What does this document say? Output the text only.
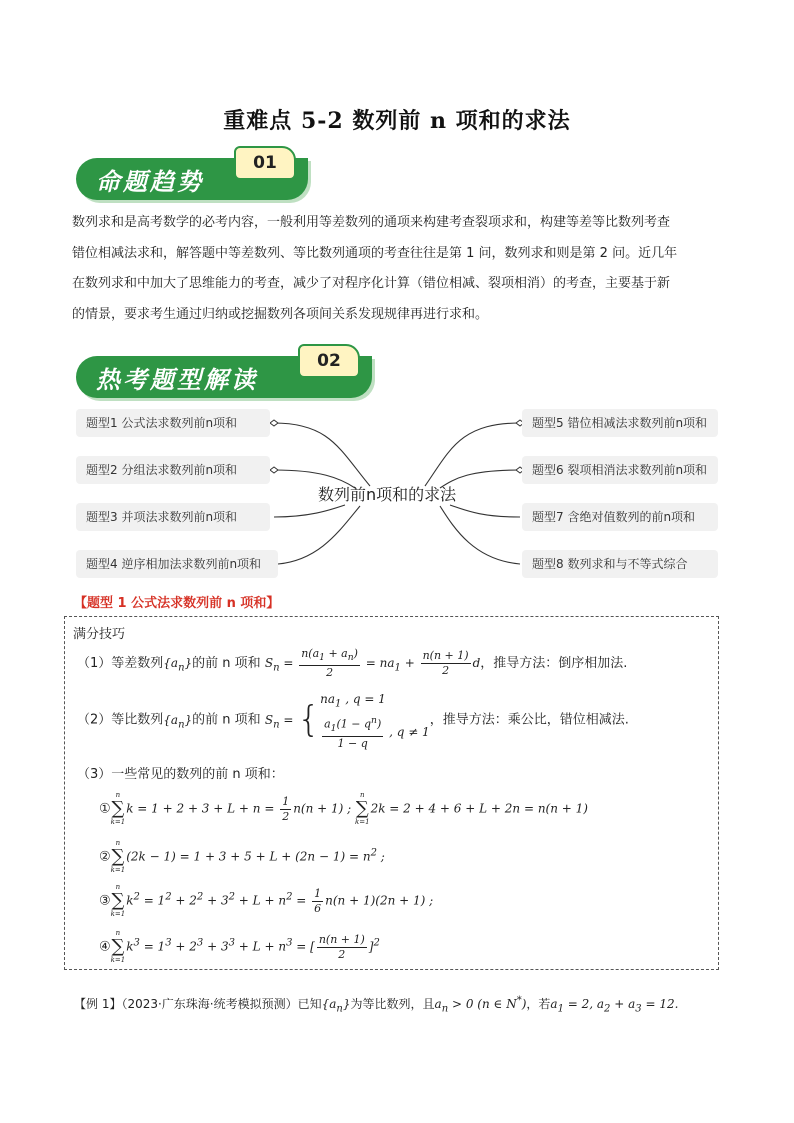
重难点 5-2 数列前 n 项和的求法
命题趋势
01
数列求和是高考数学的必考内容，一般利用等差数列的通项来构建考查裂项求和，构建等差等比数列考查
错位相减法求和，解答题中等差数列、等比数列通项的考查往往是第 1 问，数列求和则是第 2 问。近几年
在数列求和中加大了思维能力的考查，减少了对程序化计算（错位相减、裂项相消）的考查，主要基于新
的情景，要求考生通过归纳或挖掘数列各项间关系发现规律再进行求和。
热考题型解读
02
题型1 公式法求数列前n项和
题型2 分组法求数列前n项和
题型3 并项法求数列前n项和
题型4 逆序相加法求数列前n项和
数列前n项和的求法
题型5 错位相减法求数列前n项和
题型6 裂项相消法求数列前n项和
题型7 含绝对值数列的前n项和
题型8 数列求和与不等式综合
【题型 1 公式法求数列前 n 项和】
满分技巧
（1）等差数列$\{a_n\}$的前 n 项和 $S_n = \frac{n(a_1 + a_n)}{2} = na_1 + \frac{n(n + 1)}{2}$ d，推导方法：倒序相加法.
（2）等比数列$\{a_n\}$的前 n 项和 $S_n$ = {
$na_1$ , q = 1
$\frac{a_1(1 - q^n)}{1 - q}$ , q ≠ 1
，推导方法：乘公比，错位相减法.
（3）一些常见的数列的前 n 项和：
①
n
∑
k=1
$k = 1 + 2 + 3 + L + n = \frac{1}{2} n(n + 1)$ ;
n
∑
k=1
2k = 2 + 4 + 6 + L + 2n = n(n + 1)
②
n
∑
k=1
$(2k - 1) = 1 + 3 + 5 + L + (2n - 1) = n^2$ ;
③
n
∑
k=1
$k^2 = 1^2 + 2^2 + 3^2 + L + n^2 = \frac{1}{6} n(n + 1)(2n + 1)$ ;
④
n
∑
k=1
$k^3 = 1^3 + 2^3 + 3^3 + L + n^3$ = [ $\frac{n(n + 1)}{2} ]^2$
【例 1】（2023·广东珠海·统考模拟预测）已知$\{a_n\}$为等比数列，且$a_n > 0$ (n ∈ N*)，若$a_1 = 2$, $a_2 + a_3 = 12$.
